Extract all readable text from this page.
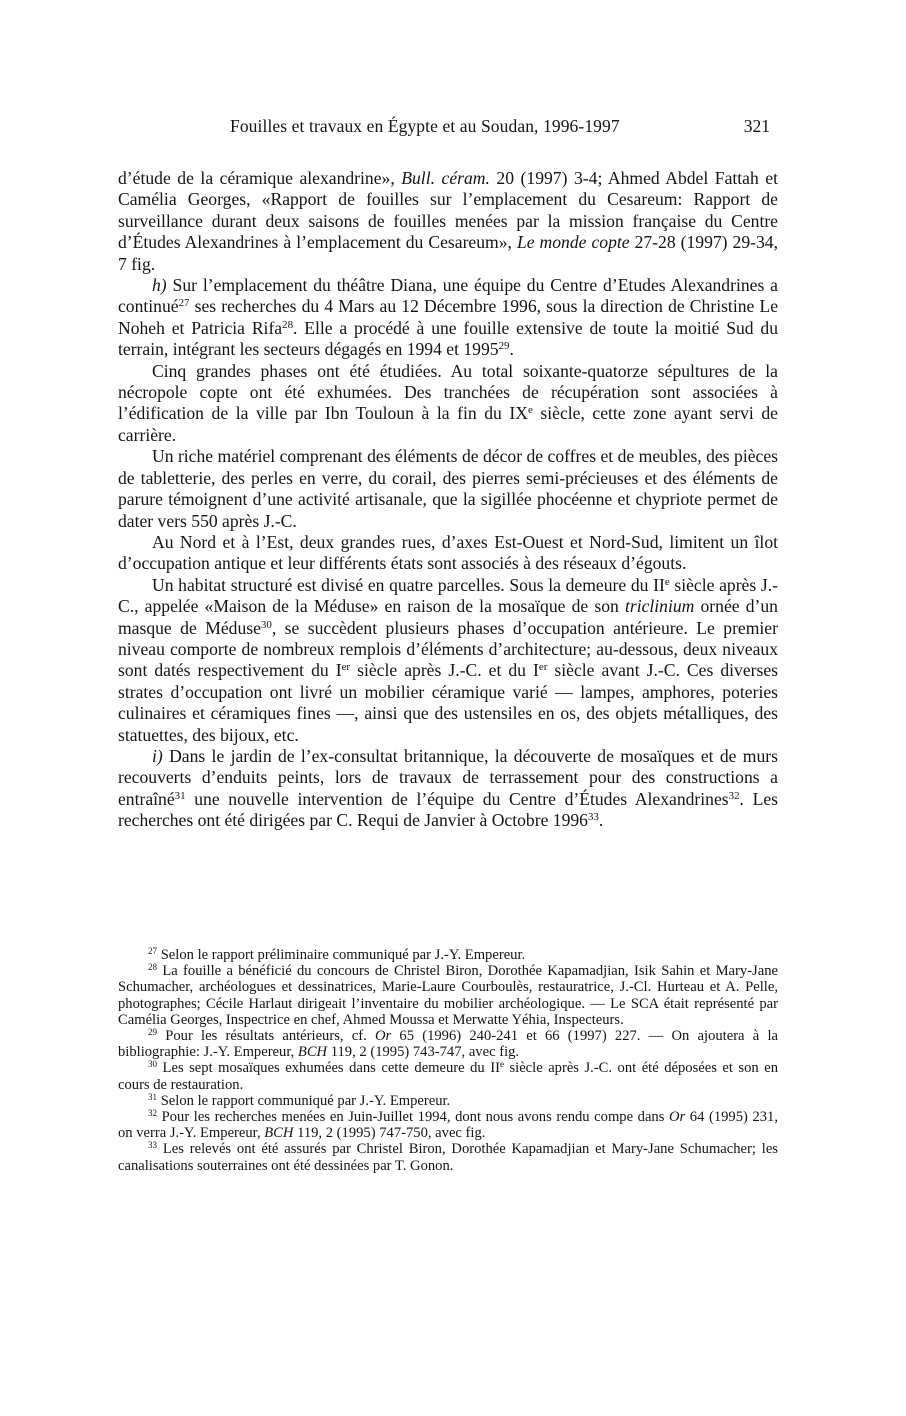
Fouilles et travaux en Égypte et au Soudan, 1996-1997	321

d’étude de la céramique alexandrine», Bull. céram. 20 (1997) 3-4; Ahmed Abdel Fattah et Camélia Georges, «Rapport de fouilles sur l’emplacement du Cesareum: Rapport de surveillance durant deux saisons de fouilles menées par la mission française du Centre d’Études Alexandrines à l’emplacement du Cesareum», Le monde copte 27-28 (1997) 29-34, 7 fig.

h) Sur l’emplacement du théâtre Diana, une équipe du Centre d’Etudes Alexandrines a continué$^{27}$ ses recherches du 4 Mars au 12 Décembre 1996, sous la direction de Christine Le Noheh et Patricia Rifa$^{28}$. Elle a procédé à une fouille extensive de toute la moitié Sud du terrain, intégrant les secteurs dégagés en 1994 et 1995$^{29}$.

Cinq grandes phases ont été étudiées. Au total soixante-quatorze sépultures de la nécropole copte ont été exhumées. Des tranchées de récupération sont associées à l’édification de la ville par Ibn Touloun à la fin du IXe siècle, cette zone ayant servi de carrière.

Un riche matériel comprenant des éléments de décor de coffres et de meubles, des pièces de tabletterie, des perles en verre, du corail, des pierres semi-précieuses et des éléments de parure témoignent d’une activité artisanale, que la sigillée phocéenne et chypriote permet de dater vers 550 après J.-C.

Au Nord et à l’Est, deux grandes rues, d’axes Est-Ouest et Nord-Sud, limitent un îlot d’occupation antique et leur différents états sont associés à des réseaux d’égouts.

Un habitat structuré est divisé en quatre parcelles. Sous la demeure du IIe siècle après J.-C., appelée «Maison de la Méduse» en raison de la mosaïque de son triclinium ornée d’un masque de Méduse$^{30}$, se succèdent plusieurs phases d’occupation antérieure. Le premier niveau comporte de nombreux remplois d’éléments d’architecture; au-dessous, deux niveaux sont datés respectivement du Ier siècle après J.-C. et du Ier siècle avant J.-C. Ces diverses strates d’occupation ont livré un mobilier céramique varié — lampes, amphores, poteries culinaires et céramiques fines —, ainsi que des ustensiles en os, des objets métalliques, des statuettes, des bijoux, etc.

i) Dans le jardin de l’ex-consultat britannique, la découverte de mosaïques et de murs recouverts d’enduits peints, lors de travaux de terrassement pour des constructions a entraîné$^{31}$ une nouvelle intervention de l’équipe du Centre d’Études Alexandrines$^{32}$. Les recherches ont été dirigées par C. Requi de Janvier à Octobre 1996$^{33}$.

$^{27}$ Selon le rapport préliminaire communiqué par J.-Y. Empereur.

$^{28}$ La fouille a bénéficié du concours de Christel Biron, Dorothée Kapamadjian, Isik Sahin et Mary-Jane Schumacher, archéologues et dessinatrices, Marie-Laure Courboulès, restauratrice, J.-Cl. Hurteau et A. Pelle, photographes; Cécile Harlaut dirigeait l’inventaire du mobilier archéologique. — Le SCA était représenté par Camélia Georges, Inspectrice en chef, Ahmed Moussa et Merwatte Yéhia, Inspecteurs.

$^{29}$ Pour les résultats antérieurs, cf. Or 65 (1996) 240-241 et 66 (1997) 227. — On ajoutera à la bibliographie: J.-Y. Empereur, BCH 119, 2 (1995) 743-747, avec fig.

$^{30}$ Les sept mosaïques exhumées dans cette demeure du IIe siècle après J.-C. ont été déposées et son en cours de restauration.

$^{31}$ Selon le rapport communiqué par J.-Y. Empereur.

$^{32}$ Pour les recherches menées en Juin-Juillet 1994, dont nous avons rendu compe dans Or 64 (1995) 231, on verra J.-Y. Empereur, BCH 119, 2 (1995) 747-750, avec fig.

$^{33}$ Les relevés ont été assurés par Christel Biron, Dorothée Kapamadjian et Mary-Jane Schumacher; les canalisations souterraines ont été dessinées par T. Gonon.
